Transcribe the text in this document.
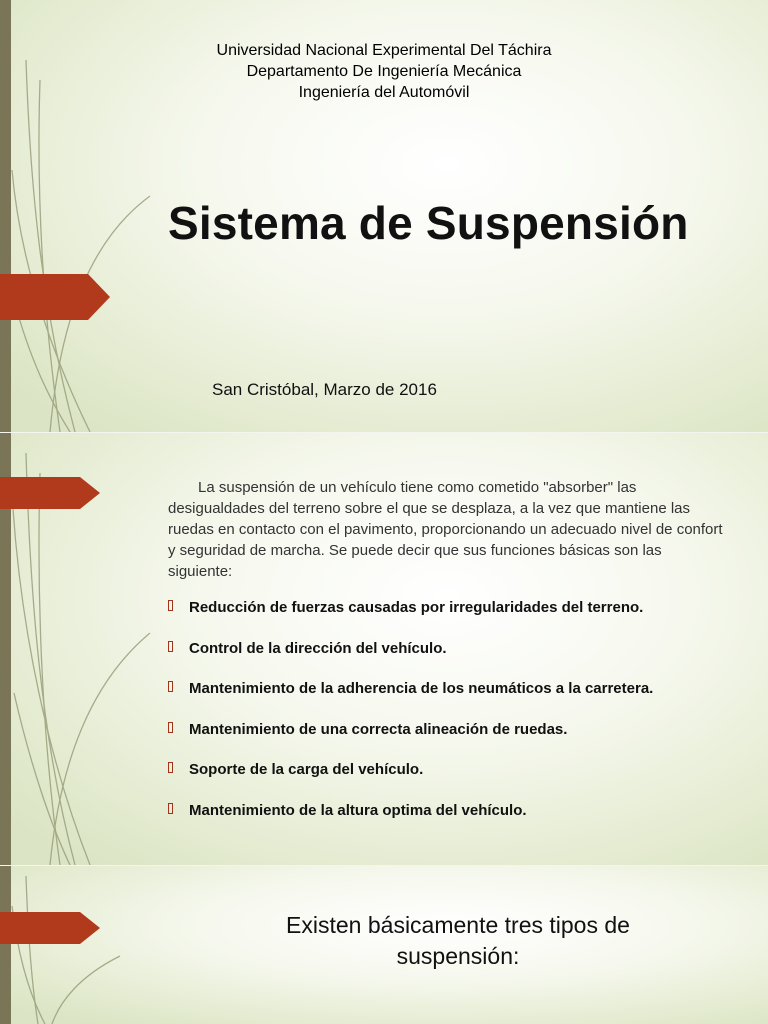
Universidad Nacional Experimental Del Táchira
Departamento De Ingeniería Mecánica
Ingeniería del Automóvil
Sistema de Suspensión
San Cristóbal, Marzo de 2016

La suspensión de un vehículo tiene como cometido "absorber" las desigualdades del terreno sobre el que se desplaza, a la vez que mantiene las ruedas en contacto con el pavimento, proporcionando un adecuado nivel de confort y seguridad de marcha. Se puede decir que sus funciones básicas son las siguiente:

Reducción de fuerzas causadas por irregularidades del terreno.
Control de la dirección del vehículo.
Mantenimiento de la adherencia de los neumáticos a la carretera.
Mantenimiento de una correcta alineación de ruedas.
Soporte de la carga del vehículo.
Mantenimiento de la altura optima del vehículo.
Existen básicamente tres tipos de
suspensión:
